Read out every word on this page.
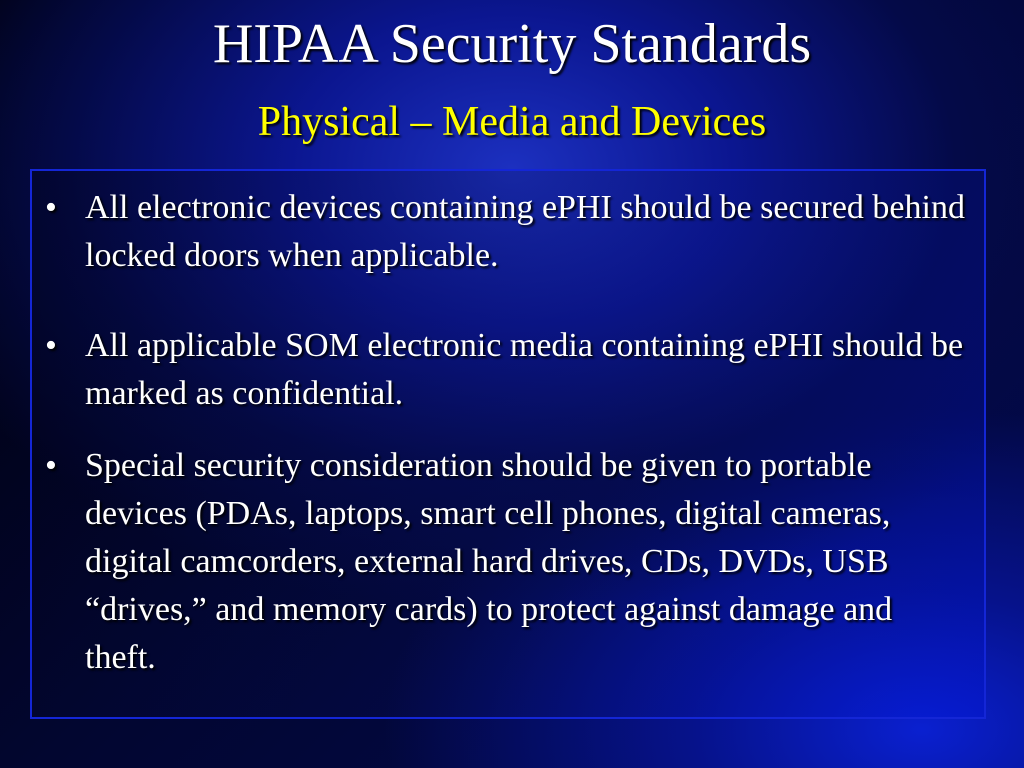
HIPAA Security Standards
Physical – Media and Devices
• All electronic devices containing ePHI should be secured behind locked doors when applicable.
• All applicable SOM electronic media containing ePHI should be marked as confidential.
• Special security consideration should be given to portable devices (PDAs, laptops, smart cell phones, digital cameras, digital camcorders, external hard drives, CDs, DVDs, USB “drives,” and memory cards) to protect against damage and theft.
